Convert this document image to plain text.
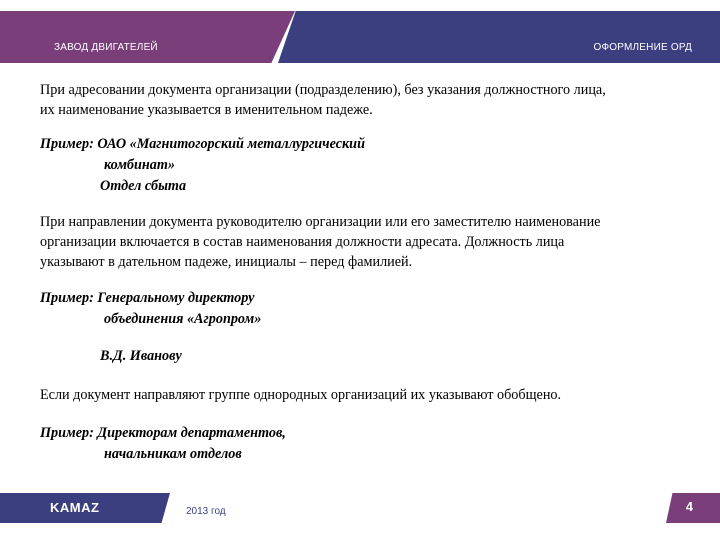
ЗАВОД ДВИГАТЕЛЕЙ	ОФОРМЛЕНИЕ ОРД

При адресовании документа организации (подразделению), без указания должностного лица,

их наименование указывается в именительном падеже.

Пример: ОАО «Магнитогорский металлургический

комбинат»

Отдел сбыта

При направлении документа руководителю организации или его заместителю наименование

организации включается в состав наименования должности адресата. Должность лица

указывают в дательном падеже, инициалы – перед фамилией.

Пример: Генеральному директору

объединения «Агропром»

В.Д. Иванову

Если документ направляют группе однородных организаций их указывают обобщено.

Пример: Директорам департаментов,

начальникам отделов

KAMAZ	2013 год	4
